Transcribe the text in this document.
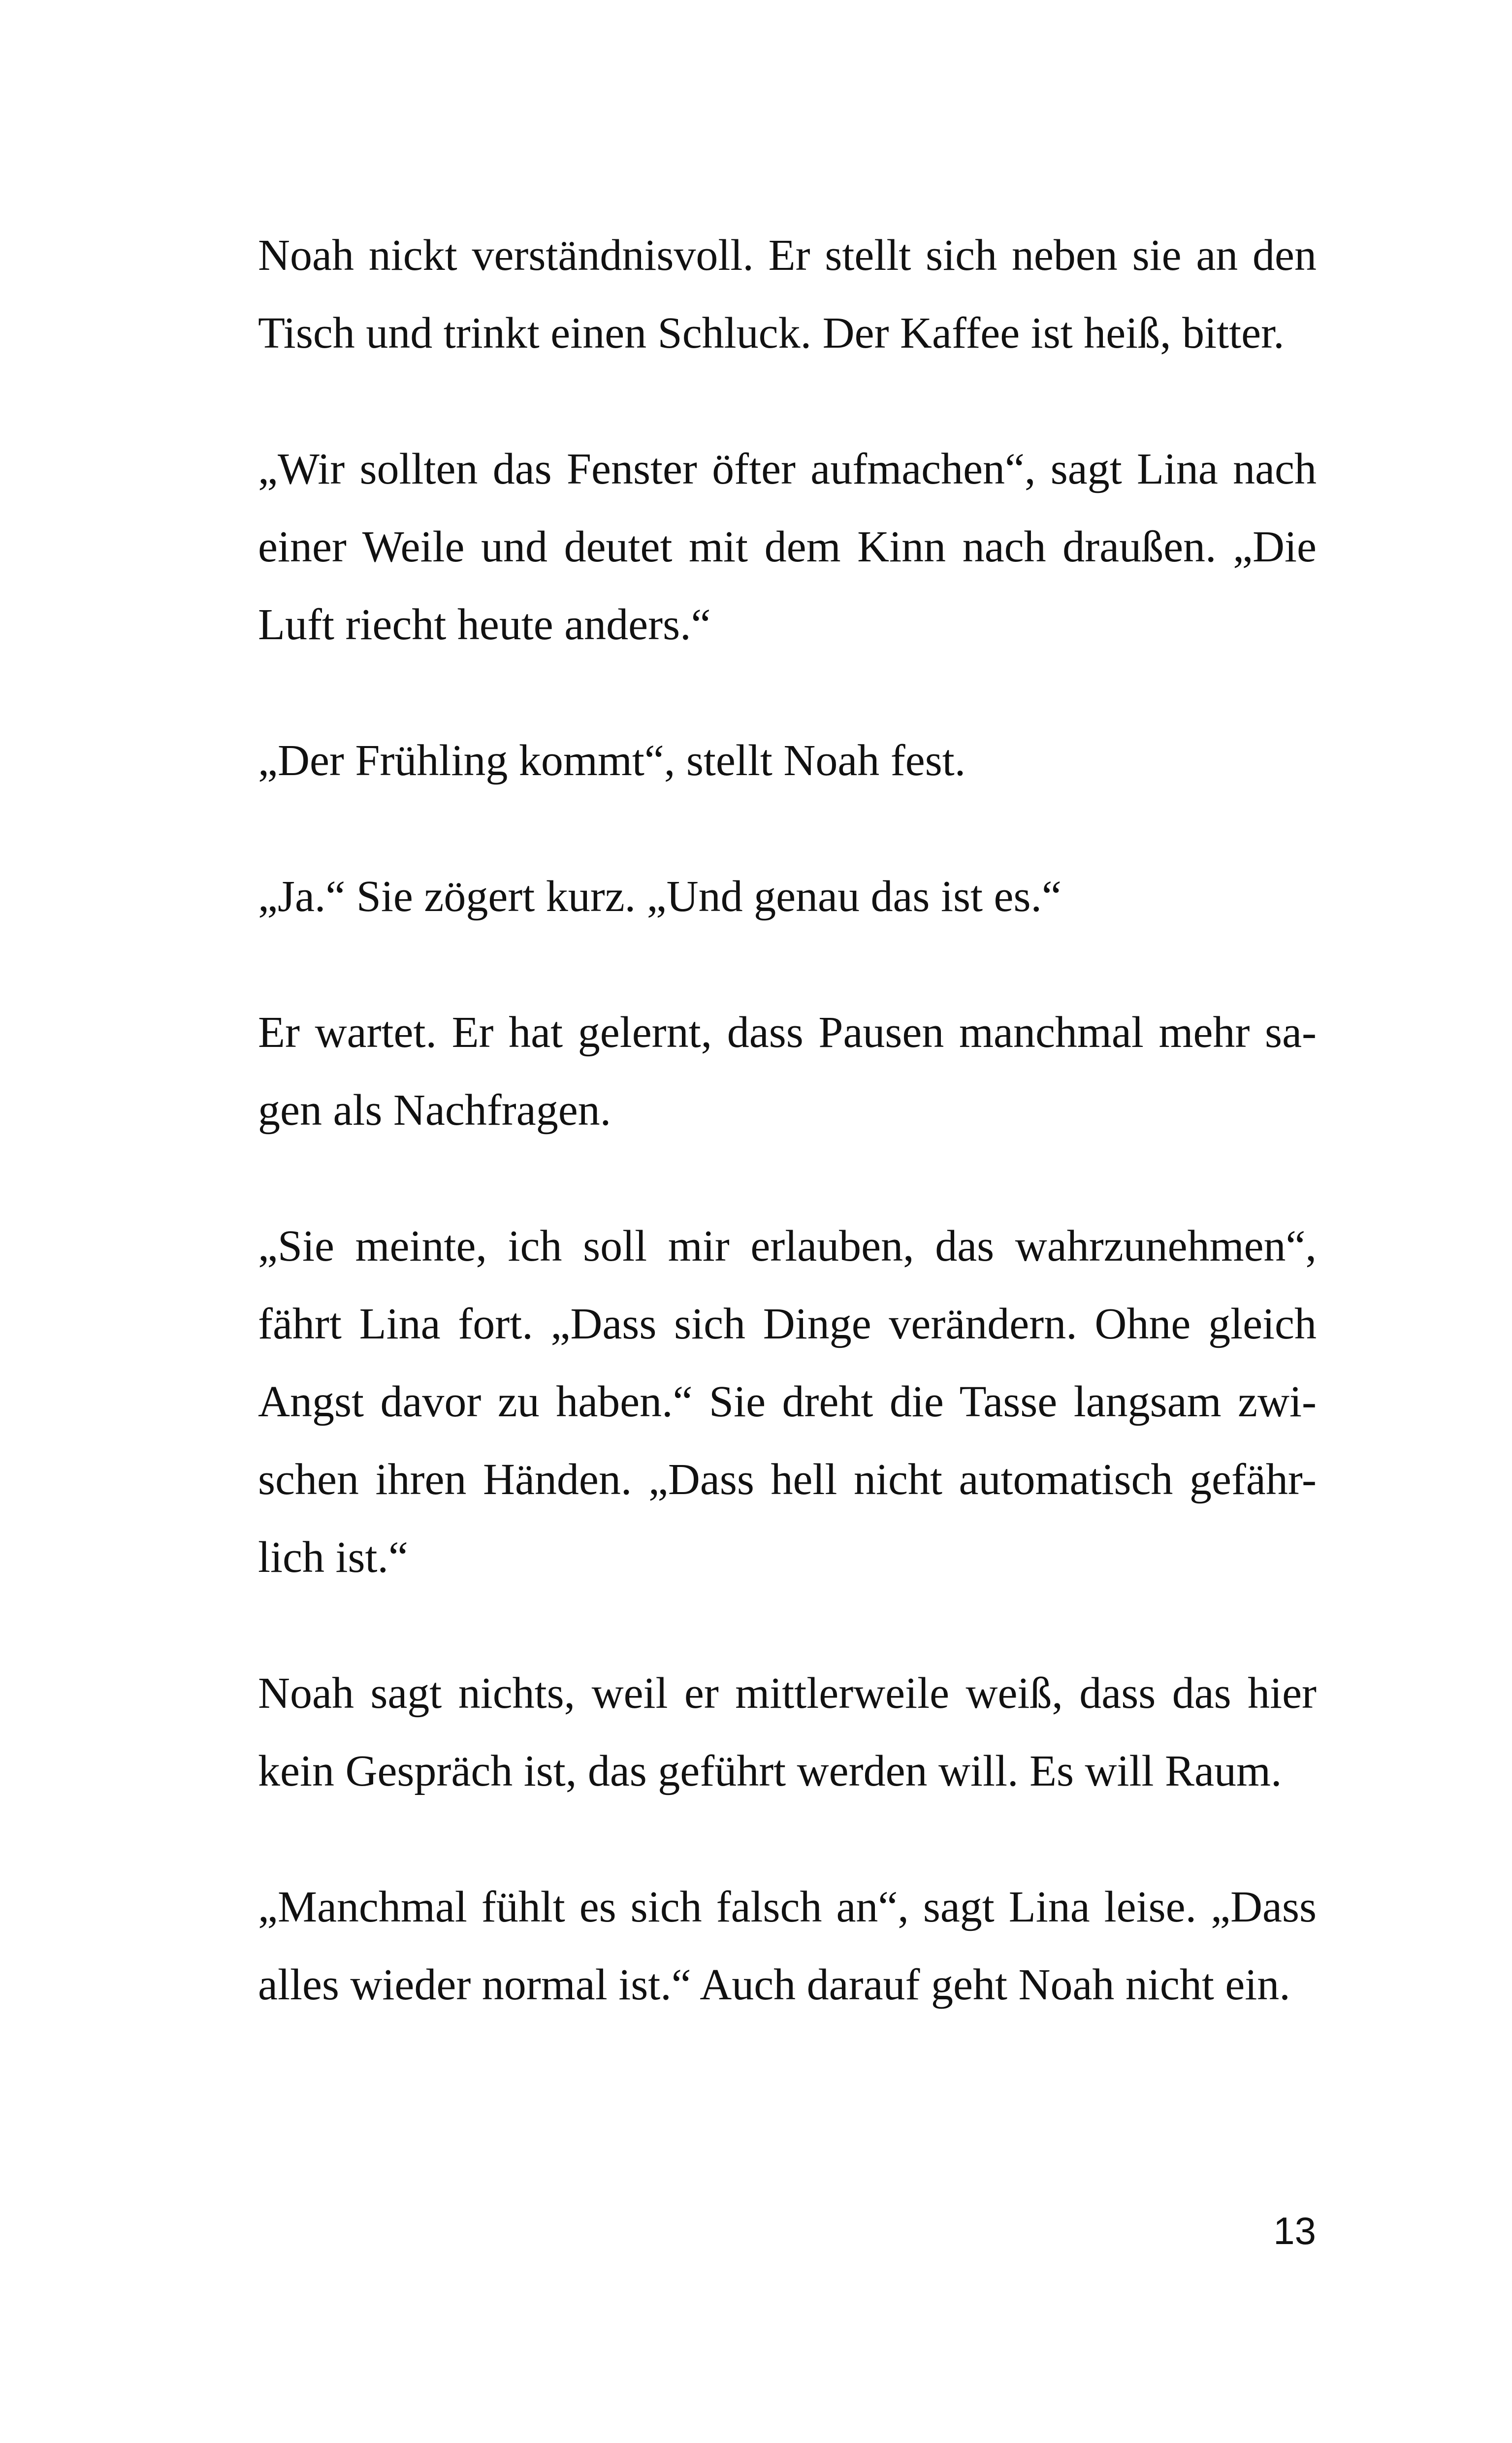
Noah nickt verständnisvoll. Er stellt sich neben sie an den
Tisch und trinkt einen Schluck. Der Kaffee ist heiß, bitter.

„Wir sollten das Fenster öfter aufmachen“, sagt Lina nach
einer Weile und deutet mit dem Kinn nach draußen. „Die
Luft riecht heute anders.“

„Der Frühling kommt“, stellt Noah fest.

„Ja.“ Sie zögert kurz. „Und genau das ist es.“

Er wartet. Er hat gelernt, dass Pausen manchmal mehr sa-
gen als Nachfragen.

„Sie meinte, ich soll mir erlauben, das wahrzunehmen“,
fährt Lina fort. „Dass sich Dinge verändern. Ohne gleich
Angst davor zu haben.“ Sie dreht die Tasse langsam zwi-
schen ihren Händen. „Dass hell nicht automatisch gefähr-
lich ist.“

Noah sagt nichts, weil er mittlerweile weiß, dass das hier
kein Gespräch ist, das geführt werden will. Es will Raum.

„Manchmal fühlt es sich falsch an“, sagt Lina leise. „Dass
alles wieder normal ist.“ Auch darauf geht Noah nicht ein.

13
